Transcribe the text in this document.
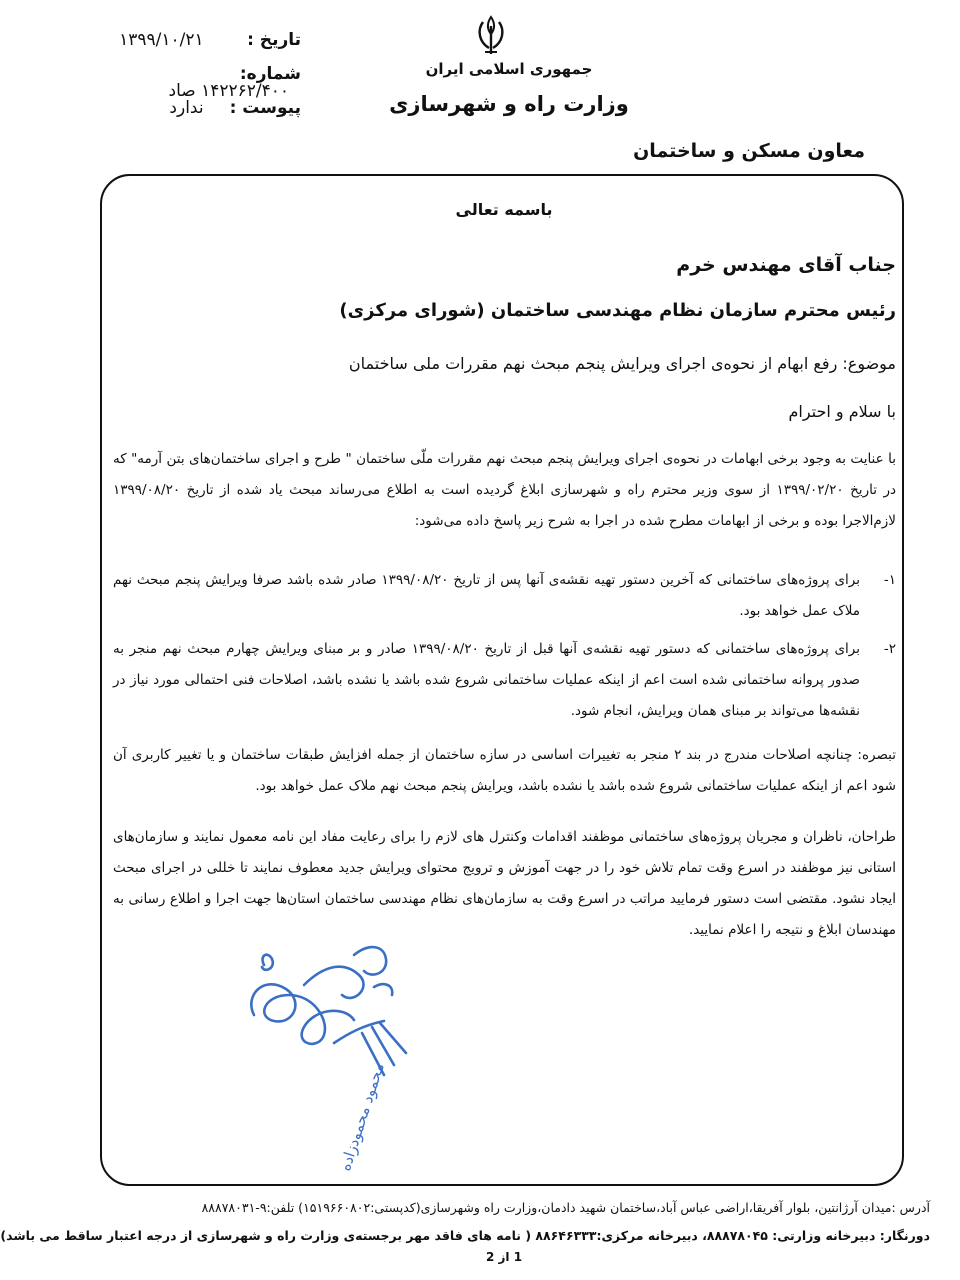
تاریخ : ۱۳۹۹/۱۰/۲۱
شماره: ۱۴۲۲۶۲/۴۰۰ صاد
پیوست : ندارد
جمهوری اسلامی ایران
وزارت راه و شهرسازی
معاون مسکن و ساختمان
باسمه تعالی
جناب آقای مهندس خرم
رئیس محترم سازمان نظام مهندسی ساختمان (شورای مرکزی)
موضوع: رفع ابهام از نحوه‌ی اجرای ویرایش پنجم مبحث نهم مقررات ملی ساختمان
با سلام و احترام
با عنایت به وجود برخی ابهامات در نحوه‌ی اجرای ویرایش پنجم مبحث نهم مقررات ملّی ساختمان " طرح و اجرای ساختمان‌های بتن آرمه" که در تاریخ ۱۳۹۹/۰۲/۲۰ از سوی وزیر محترم راه و شهرسازی ابلاغ گردیده است به اطلاع می‌رساند مبحث یاد شده از تاریخ ۱۳۹۹/۰۸/۲۰ لازم‌الاجرا بوده و برخی از ابهامات مطرح شده در اجرا به شرح زیر پاسخ داده می‌شود:
۱-
برای پروژه‌های ساختمانی که آخرین دستور تهیه نقشه‌ی آنها پس از تاریخ ۱۳۹۹/۰۸/۲۰ صادر شده باشد صرفا ویرایش پنجم مبحث نهم ملاک عمل خواهد بود.
۲-
برای پروژه‌های ساختمانی که دستور تهیه نقشه‌ی آنها قبل از تاریخ ۱۳۹۹/۰۸/۲۰ صادر و بر مبنای ویرایش چهارم مبحث نهم منجر به صدور پروانه ساختمانی شده است اعم از اینکه عملیات ساختمانی شروع شده باشد یا نشده باشد، اصلاحات فنی احتمالی مورد نیاز در نقشه‌ها می‌تواند بر مبنای همان ویرایش، انجام شود.
تبصره: چنانچه اصلاحات مندرج در بند ۲ منجر به تغییرات اساسی در سازه ساختمان از جمله افزایش طبقات ساختمان و یا تغییر کاربری آن شود اعم از اینکه عملیات ساختمانی شروع شده باشد یا نشده باشد، ویرایش پنجم مبحث نهم ملاک عمل خواهد بود.
طراحان، ناظران و مجریان پروژه‌های ساختمانی موظفند اقدامات وکنترل های لازم را برای رعایت مفاد این نامه معمول نمایند و سازمان‌های استانی نیز موظفند در اسرع وقت تمام تلاش خود را در جهت آموزش و ترویج محتوای ویرایش جدید معطوف نمایند تا خللی در اجرای مبحث ایجاد نشود. مقتضی است دستور فرمایید مراتب در اسرع وقت به سازمان‌های نظام مهندسی ساختمان استان‌ها جهت اجرا و اطلاع رسانی به مهندسان ابلاغ و نتیجه را اعلام نمایید.
محمود محمودزاده
آدرس :میدان آرژانتین، بلوار آفریقا،اراضی عباس آباد،ساختمان شهید دادمان،وزارت راه وشهرسازی(کدپستی:۱۵۱۹۶۶۰۸۰۲) تلفن:۹-۸۸۸۷۸۰۳۱
دورنگار: دبیرخانه وزارتی: ۸۸۸۷۸۰۴۵، دبیرخانه مرکزی:۸۸۶۴۶۳۳۳ ( نامه های فاقد مهر برجسته‌ی وزارت راه و شهرسازی از درجه اعتبار ساقط می باشد)
1 از 2
